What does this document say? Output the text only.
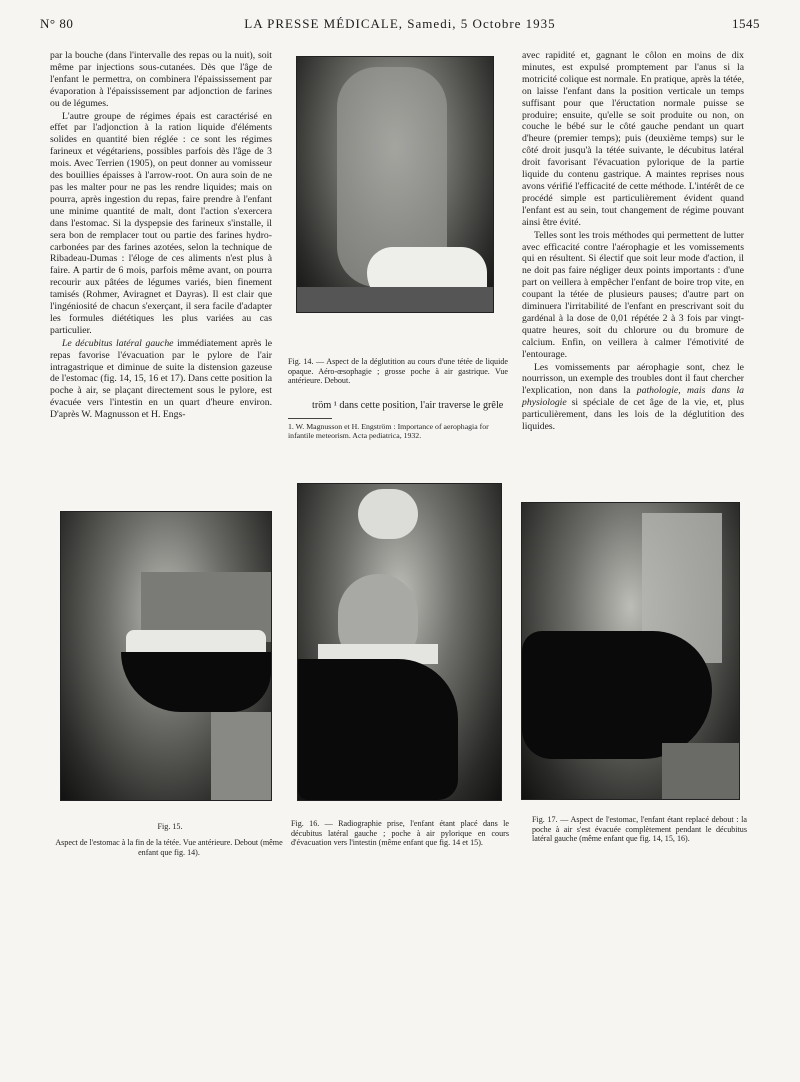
N° 80	LA PRESSE MÉDICALE, Samedi, 5 Octobre 1935	1545

par la bouche (dans l'intervalle des repas ou la nuit), soit même par injections sous-cutanées. Dès que l'âge de l'enfant le permettra, on combinera l'épaississement par évaporation à l'épaississement par adjonction de farines ou de légumes.

L'autre groupe de régimes épais est caractérisé en effet par l'adjonction à la ration liquide d'éléments solides en quantité bien réglée : ce sont les régimes farineux et végétariens, possibles parfois dès l'âge de 3 mois. Avec Terrien (1905), on peut donner au vomisseur des bouillies épaisses à l'arrow-root. On aura soin de ne pas les malter pour ne pas les rendre liquides; mais on pourra, après ingestion du repas, faire prendre à l'enfant une minime quantité de malt, dont l'action s'exercera dans l'estomac. Si la dyspepsie des farineux s'installe, il sera bon de remplacer tout ou partie des farines hydro-carbonées par des farines azotées, selon la technique de Ribadeau-Dumas : l'éloge de ces aliments n'est plus à faire. A partir de 6 mois, parfois même avant, on pourra recourir aux pâtées de légumes variés, bien finement tamisés (Rohmer, Aviragnet et Dayras). Il est clair que l'ingéniosité de chacun s'exerçant, il sera facile d'adapter les formules diététiques les plus variées au cas particulier.

Le décubitus latéral gauche immédiatement après le repas favorise l'évacuation par le pylore de l'air intragastrique et diminue de suite la distension gazeuse de l'estomac (fig. 14, 15, 16 et 17). Dans cette position la poche à air, se plaçant directement sous le pylore, est évacuée vers l'intestin en un quart d'heure environ. D'après W. Magnusson et H. Engs-

Fig. 14. — Aspect de la déglutition au cours d'une tétée de liquide opaque. Aéro-œsophagie ; grosse poche à air gastrique. Vue antérieure. Debout.
tröm ¹ dans cette position, l'air traverse le grêle
1. W. Magnusson et H. Engström : Importance of aerophagia for infantile meteorism. Acta pediatrica, 1932.

avec rapidité et, gagnant le côlon en moins de dix minutes, est expulsé promptement par l'anus si la motricité colique est normale. En pratique, après la tétée, on laisse l'enfant dans la position verticale un temps suffisant pour que l'éructation normale puisse se produire; ensuite, qu'elle se soit produite ou non, on couche le bébé sur le côté gauche pendant un quart d'heure (premier temps); puis (deuxième temps) sur le côté droit jusqu'à la tétée suivante, le décubitus latéral droit favorisant l'évacuation pylorique de la partie liquide du contenu gastrique. A maintes reprises nous avons vérifié l'efficacité de cette méthode. L'intérêt de ce procédé simple est particulièrement évident quand l'enfant est au sein, tout changement de régime pouvant ainsi être évité.

Telles sont les trois méthodes qui permettent de lutter avec efficacité contre l'aérophagie et les vomissements qui en résultent. Si électif que soit leur mode d'action, il ne doit pas faire négliger deux points importants : d'une part on veillera à empêcher l'enfant de boire trop vite, en coupant la tétée de plusieurs pauses; d'autre part on diminuera l'irritabilité de l'enfant en prescrivant soit du gardénal à la dose de 0,01 répétée 2 à 3 fois par vingt-quatre heures, soit du chlorure ou du bromure de calcium. Enfin, on veillera à calmer l'émotivité de l'entourage.

Les vomissements par aérophagie sont, chez le nourrisson, un exemple des troubles dont il faut chercher l'explication, non dans la pathologie, mais dans la physiologie si spéciale de cet âge de la vie, et, plus particulièrement, dans les lois de la déglutition des liquides.

Fig. 15.
Aspect de l'estomac à la fin de la tétée. Vue antérieure. Debout (même enfant que fig. 14).
Fig. 16. — Radiographie prise, l'enfant étant placé dans le décubitus latéral gauche ; poche à air pylorique en cours d'évacuation vers l'intestin (même enfant que fig. 14 et 15).
Fig. 17. — Aspect de l'estomac, l'enfant étant replacé debout : la poche à air s'est évacuée complètement pendant le décubitus latéral gauche (même enfant que fig. 14, 15, 16).
